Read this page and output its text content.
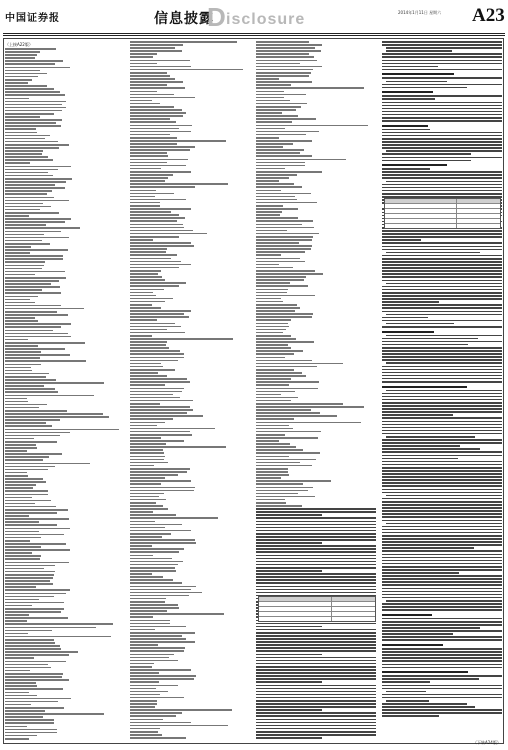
中国证券报	信息披露
D isclosure	2014年1月11日 星期六 A23
（上接A22版）
（下转A24版）
